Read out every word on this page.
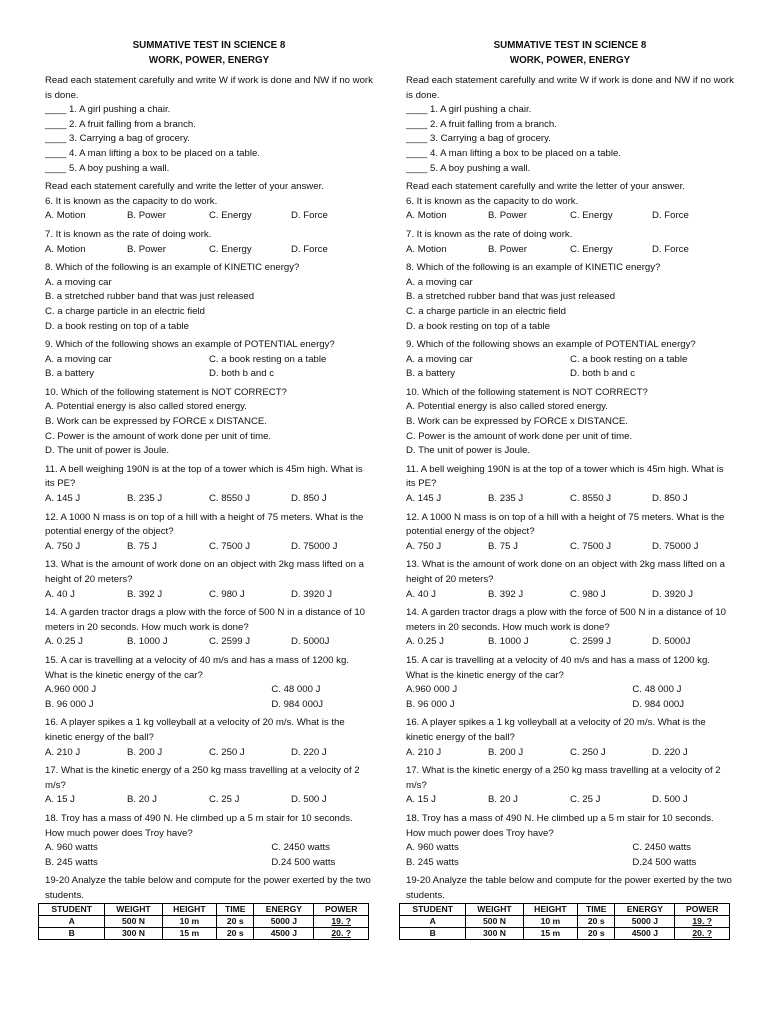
SUMMATIVE TEST IN SCIENCE 8
WORK, POWER, ENERGY
Read each statement carefully and write W if work is done and NW if no work is done.
____ 1. A girl pushing a chair.
____ 2. A fruit falling from a branch.
____ 3. Carrying a bag of grocery.
____ 4. A man lifting a box to be placed on a table.
____ 5. A boy pushing a wall.
Read each statement carefully and write the letter of your answer.
6. It is known as the capacity to do work.
A. Motion	B. Power	C. Energy	D. Force
7. It is known as the rate of doing work.
A. Motion	B. Power	C. Energy	D. Force
8. Which of the following is an example of KINETIC energy?
A. a moving car
B. a stretched rubber band that was just released
C. a charge particle in an electric field
D. a book resting on top of a table
9. Which of the following shows an example of POTENTIAL energy?
A. a moving car	C. a book resting on a table
B. a battery	D. both b and c
10. Which of the following statement is NOT CORRECT?
A. Potential energy is also called stored energy.
B. Work can be expressed by FORCE x DISTANCE.
C. Power is the amount of work done per unit of time.
D. The unit of power is Joule.
11. A bell weighing 190N is at the top of a tower which is 45m high. What is its PE?
A. 145 J	B. 235 J	C. 8550 J	D. 850 J
12. A 1000 N mass is on top of a hill with a height of 75 meters. What is the potential energy of the object?
A. 750 J	B. 75 J	C. 7500 J	D. 75000 J
13. What is the amount of work done on an object with 2kg mass lifted on a height of 20 meters?
A. 40 J	B. 392 J	C. 980 J	D. 3920 J
14. A garden tractor drags a plow with the force of 500 N in a distance of 10 meters in 20 seconds. How much work is done?
A. 0.25 J	B. 1000 J	C. 2599 J	D. 5000J
15. A car is travelling at a velocity of 40 m/s and has a mass of 1200 kg. What is the kinetic energy of the car?
A.960 000 J	C. 48 000 J
B. 96 000 J	D. 984 000J
16. A player spikes a 1 kg volleyball at a velocity of 20 m/s. What is the kinetic energy of the ball?
A. 210 J	B. 200 J	C. 250 J	D. 220 J
17. What is the kinetic energy of a 250 kg mass travelling at a velocity of 2 m/s?
A. 15 J	B. 20 J	C. 25 J	D. 500 J
18. Troy has a mass of 490 N. He climbed up a 5 m stair for 10 seconds. How much power does Troy have?
A. 960 watts	C. 2450 watts
B. 245 watts	D.24 500 watts
19-20 Analyze the table below and compute for the power exerted by the two students.
STUDENT	WEIGHT	HEIGHT	TIME	ENERGY	POWER
A	500 N	10 m	20 s	5000 J	19. ?
B	300 N	15 m	20 s	4500 J	20. ?
SUMMATIVE TEST IN SCIENCE 8
WORK, POWER, ENERGY
Read each statement carefully and write W if work is done and NW if no work is done.
____ 1. A girl pushing a chair.
____ 2. A fruit falling from a branch.
____ 3. Carrying a bag of grocery.
____ 4. A man lifting a box to be placed on a table.
____ 5. A boy pushing a wall.
Read each statement carefully and write the letter of your answer.
6. It is known as the capacity to do work.
A. Motion	B. Power	C. Energy	D. Force
7. It is known as the rate of doing work.
A. Motion	B. Power	C. Energy	D. Force
8. Which of the following is an example of KINETIC energy?
A. a moving car
B. a stretched rubber band that was just released
C. a charge particle in an electric field
D. a book resting on top of a table
9. Which of the following shows an example of POTENTIAL energy?
A. a moving car	C. a book resting on a table
B. a battery	D. both b and c
10. Which of the following statement is NOT CORRECT?
A. Potential energy is also called stored energy.
B. Work can be expressed by FORCE x DISTANCE.
C. Power is the amount of work done per unit of time.
D. The unit of power is Joule.
11. A bell weighing 190N is at the top of a tower which is 45m high. What is its PE?
A. 145 J	B. 235 J	C. 8550 J	D. 850 J
12. A 1000 N mass is on top of a hill with a height of 75 meters. What is the potential energy of the object?
A. 750 J	B. 75 J	C. 7500 J	D. 75000 J
13. What is the amount of work done on an object with 2kg mass lifted on a height of 20 meters?
A. 40 J	B. 392 J	C. 980 J	D. 3920 J
14. A garden tractor drags a plow with the force of 500 N in a distance of 10 meters in 20 seconds. How much work is done?
A. 0.25 J	B. 1000 J	C. 2599 J	D. 5000J
15. A car is travelling at a velocity of 40 m/s and has a mass of 1200 kg. What is the kinetic energy of the car?
A.960 000 J	C. 48 000 J
B. 96 000 J	D. 984 000J
16. A player spikes a 1 kg volleyball at a velocity of 20 m/s. What is the kinetic energy of the ball?
A. 210 J	B. 200 J	C. 250 J	D. 220 J
17. What is the kinetic energy of a 250 kg mass travelling at a velocity of 2 m/s?
A. 15 J	B. 20 J	C. 25 J	D. 500 J
18. Troy has a mass of 490 N. He climbed up a 5 m stair for 10 seconds. How much power does Troy have?
A. 960 watts	C. 2450 watts
B. 245 watts	D.24 500 watts
19-20 Analyze the table below and compute for the power exerted by the two students.
STUDENT	WEIGHT	HEIGHT	TIME	ENERGY	POWER
A	500 N	10 m	20 s	5000 J	19. ?
B	300 N	15 m	20 s	4500 J	20. ?
